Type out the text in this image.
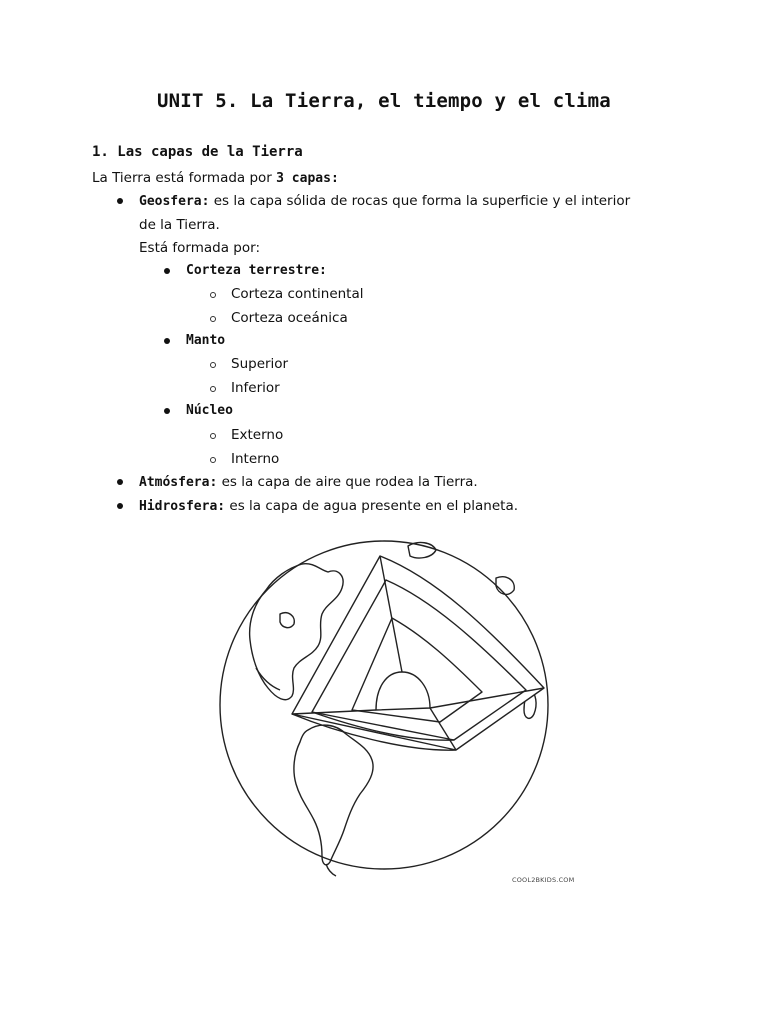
UNIT 5. La Tierra, el tiempo y el clima
1. Las capas de la Tierra
La Tierra está formada por 3 capas:
Geosfera: es la capa sólida de rocas que forma la superficie y el interior
de la Tierra.
Está formada por:
Corteza terrestre:
Corteza continental
Corteza oceánica
Manto
Superior
Inferior
Núcleo
Externo
Interno
Atmósfera: es la capa de aire que rodea la Tierra.
Hidrosfera: es la capa de agua presente en el planeta.
COOL2BKIDS.COM
